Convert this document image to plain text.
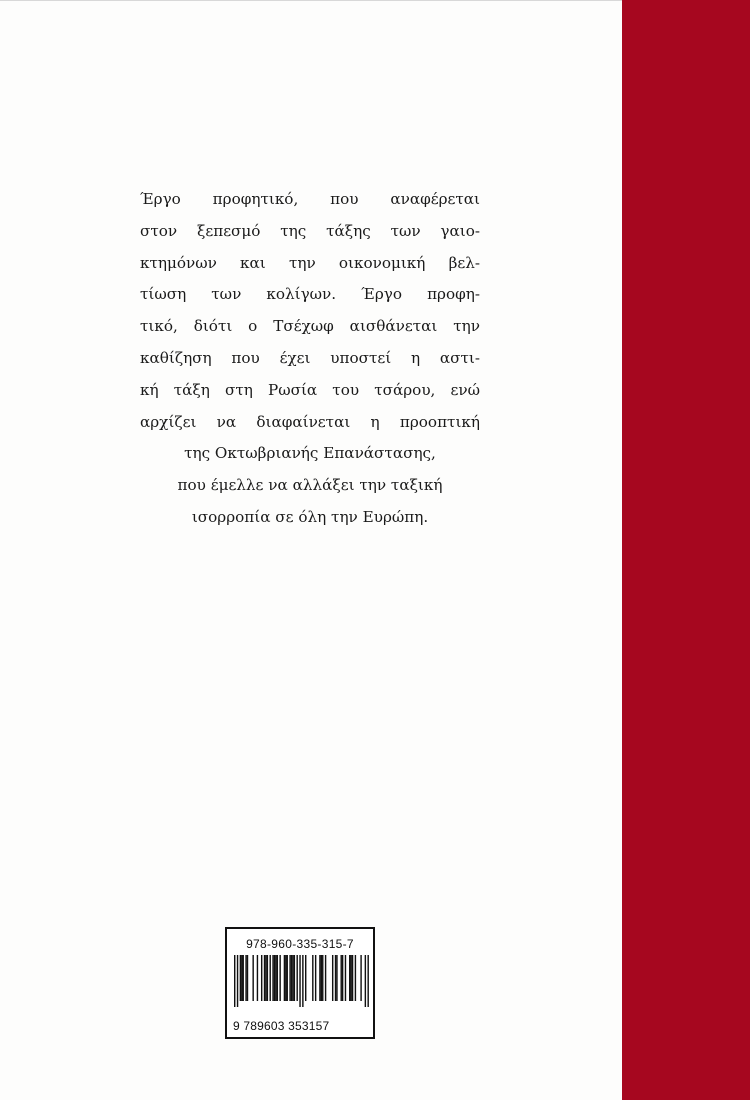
Έργο προφητικό, που αναφέρεται
στον ξεπεσμό της τάξης των γαιο-
κτημόνων και την οικονομική βελ-
τίωση των κολίγων. Έργο προφη-
τικό, διότι ο Τσέχωφ αισθάνεται την
καθίζηση που έχει υποστεί η αστι-
κή τάξη στη Ρωσία του τσάρου, ενώ
αρχίζει να διαφαίνεται η προοπτική
της Οκτωβριανής Επανάστασης,
που έμελλε να αλλάξει την ταξική
ισορροπία σε όλη την Ευρώπη.
978-960-335-315-7
9 789603 353157
